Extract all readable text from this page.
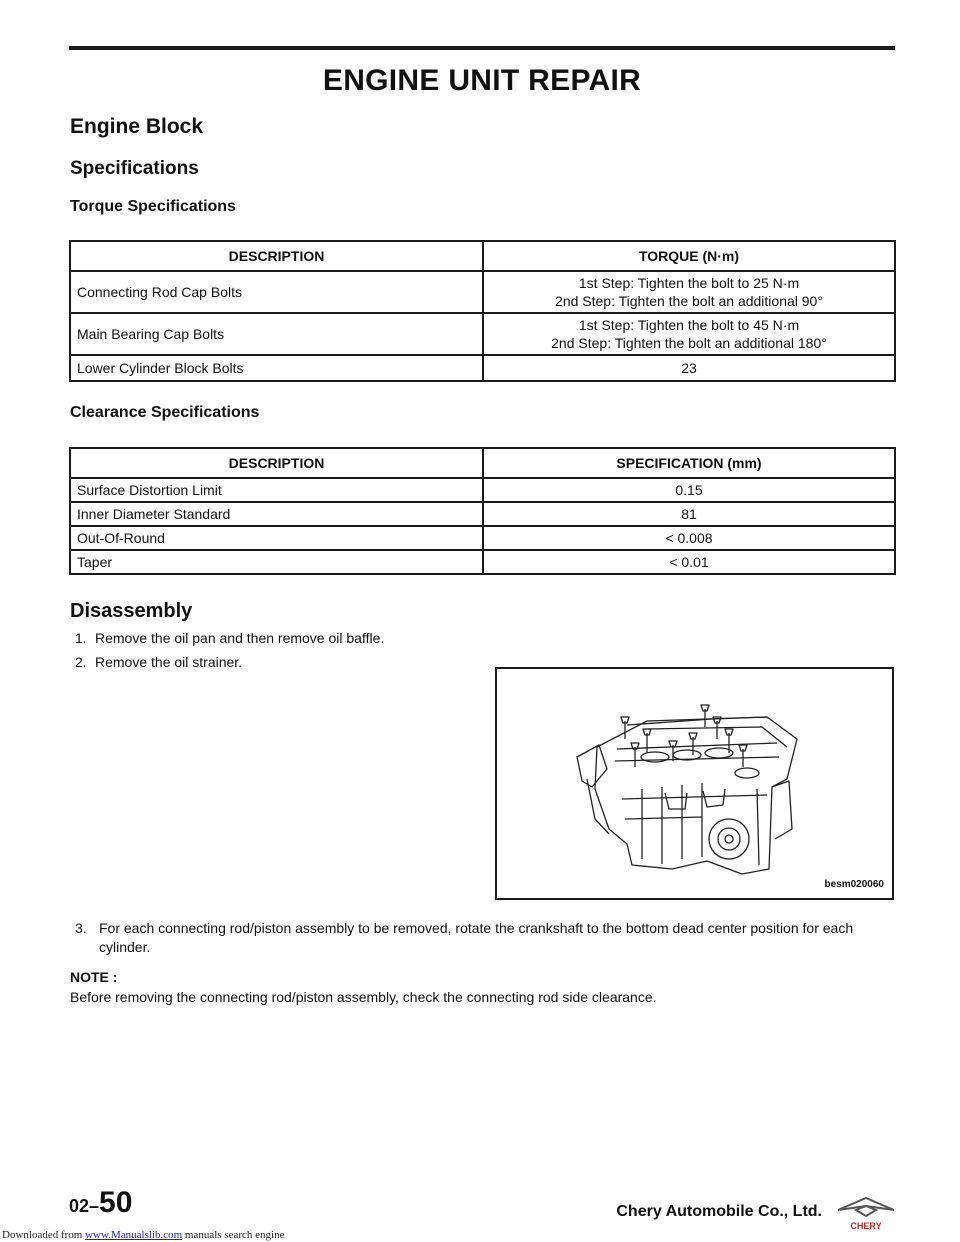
ENGINE UNIT REPAIR
Engine Block
Specifications
Torque Specifications
DESCRIPTION	TORQUE (N·m)
Connecting Rod Cap Bolts	1st Step: Tighten the bolt to 25 N·m
2nd Step: Tighten the bolt an additional 90°

Main Bearing Cap Bolts	1st Step: Tighten the bolt to 45 N·m
2nd Step: Tighten the bolt an additional 180°

Lower Cylinder Block Bolts	23
Clearance Specifications
DESCRIPTION	SPECIFICATION (mm)
Surface Distortion Limit	0.15
Inner Diameter Standard	81
Out-Of-Round	< 0.008
Taper	< 0.01
Disassembly
1. Remove the oil pan and then remove oil baffle.
2. Remove the oil strainer.
besm020060
3. For each connecting rod/piston assembly to be removed, rotate the crankshaft to the bottom dead center position for each cylinder.
NOTE :
Before removing the connecting rod/piston assembly, check the connecting rod side clearance.
02–50	Chery Automobile Co., Ltd.
CHERY
Downloaded from www.Manualslib.com manuals search engine
